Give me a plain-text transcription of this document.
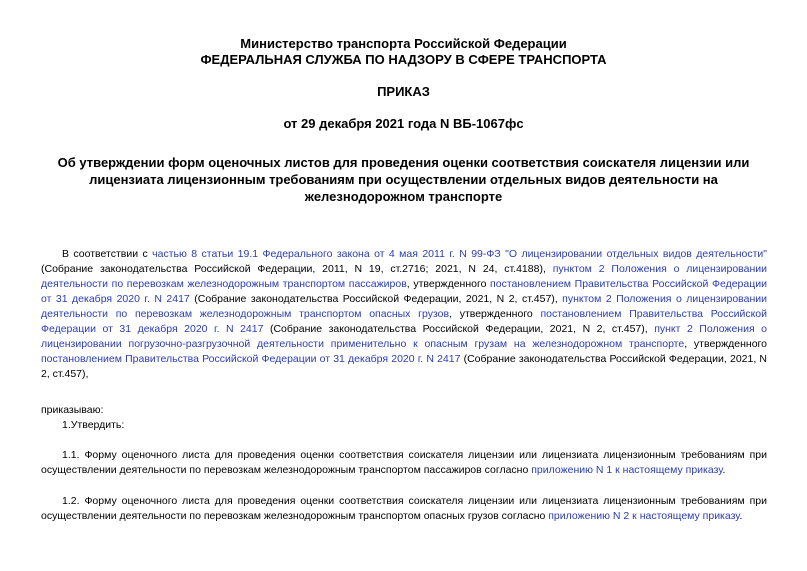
Министерство транспорта Российской Федерации
ФЕДЕРАЛЬНАЯ СЛУЖБА ПО НАДЗОРУ В СФЕРЕ ТРАНСПОРТА
ПРИКАЗ
от 29 декабря 2021 года N ВБ-1067фс
Об утверждении форм оценочных листов для проведения оценки соответствия соискателя лицензии или лицензиата лицензионным требованиям при осуществлении отдельных видов деятельности на железнодорожном транспорте
В соответствии с частью 8 статьи 19.1 Федерального закона от 4 мая 2011 г. N 99-ФЗ "О лицензировании отдельных видов деятельности" (Собрание законодательства Российской Федерации, 2011, N 19, ст.2716; 2021, N 24, ст.4188), пунктом 2 Положения о лицензировании деятельности по перевозкам железнодорожным транспортом пассажиров, утвержденного постановлением Правительства Российской Федерации от 31 декабря 2020 г. N 2417 (Собрание законодательства Российской Федерации, 2021, N 2, ст.457), пунктом 2 Положения о лицензировании деятельности по перевозкам железнодорожным транспортом опасных грузов, утвержденного постановлением Правительства Российской Федерации от 31 декабря 2020 г. N 2417 (Собрание законодательства Российской Федерации, 2021, N 2, ст.457), пункт 2 Положения о лицензировании погрузочно-разгрузочной деятельности применительно к опасным грузам на железнодорожном транспорте, утвержденного постановлением Правительства Российской Федерации от 31 декабря 2020 г. N 2417 (Собрание законодательства Российской Федерации, 2021, N 2, ст.457),
приказываю:
1.Утвердить:
1.1. Форму оценочного листа для проведения оценки соответствия соискателя лицензии или лицензиата лицензионным требованиям при осуществлении деятельности по перевозкам железнодорожным транспортом пассажиров согласно приложению N 1 к настоящему приказу.
1.2. Форму оценочного листа для проведения оценки соответствия соискателя лицензии или лицензиата лицензионным требованиям при осуществлении деятельности по перевозкам железнодорожным транспортом опасных грузов согласно приложению N 2 к настоящему приказу.
